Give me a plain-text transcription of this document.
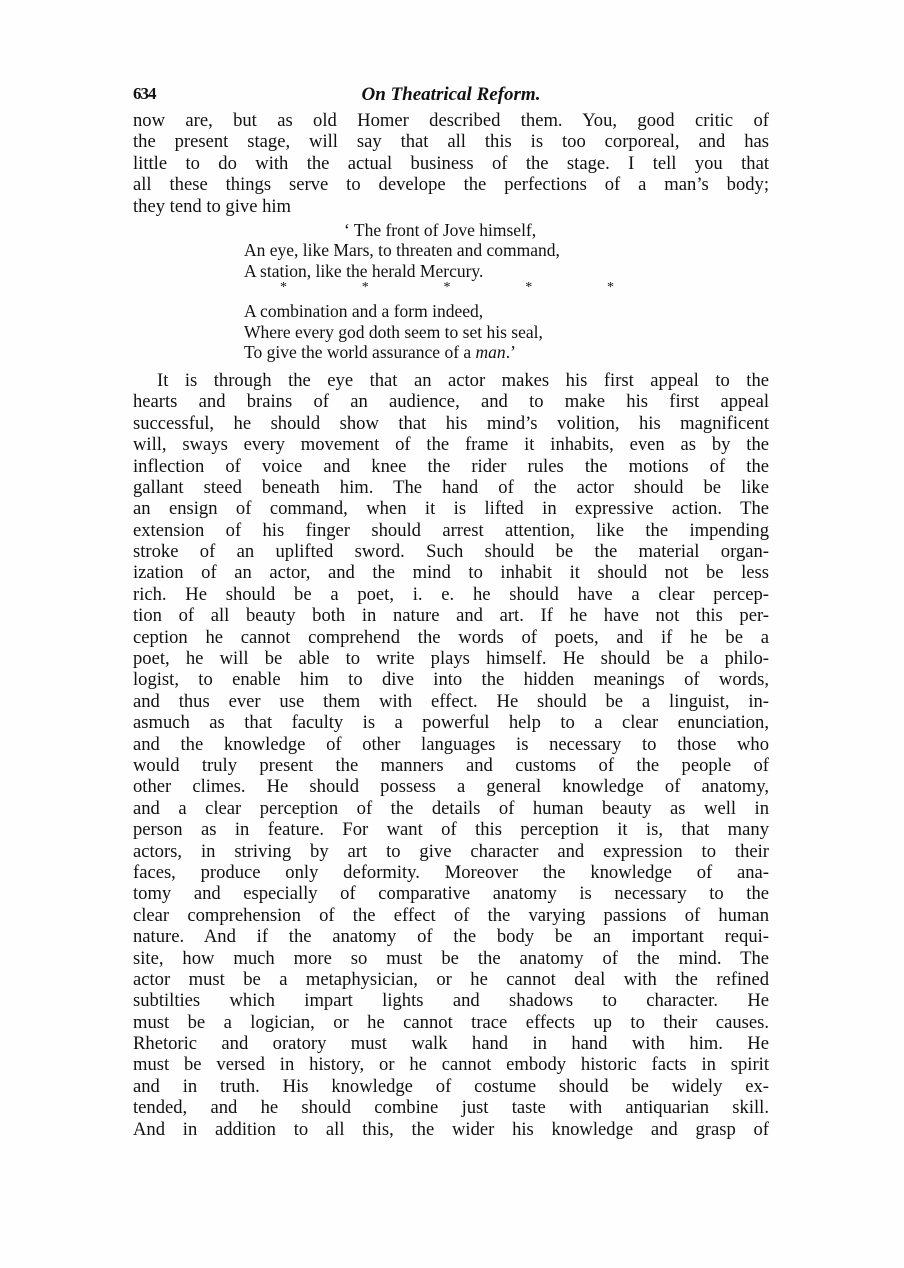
634	On Theatrical Reform.
now are, but as old Homer described them. You, good critic of
the present stage, will say that all this is too corporeal, and has
little to do with the actual business of the stage. I tell you that
all these things serve to develope the perfections of a man’s body;
they tend to give him
‘ The front of Jove himself,
An eye, like Mars, to threaten and command,
A station, like the herald Mercury.
*	*	*	*	*
A combination and a form indeed,
Where every god doth seem to set his seal,
To give the world assurance of a man.’
It is through the eye that an actor makes his first appeal to the
hearts and brains of an audience, and to make his first appeal
successful, he should show that his mind’s volition, his magnificent
will, sways every movement of the frame it inhabits, even as by the
inflection of voice and knee the rider rules the motions of the
gallant steed beneath him. The hand of the actor should be like
an ensign of command, when it is lifted in expressive action. The
extension of his finger should arrest attention, like the impending
stroke of an uplifted sword. Such should be the material organ-
ization of an actor, and the mind to inhabit it should not be less
rich. He should be a poet, i. e. he should have a clear percep-
tion of all beauty both in nature and art. If he have not this per-
ception he cannot comprehend the words of poets, and if he be a
poet, he will be able to write plays himself. He should be a philo-
logist, to enable him to dive into the hidden meanings of words,
and thus ever use them with effect. He should be a linguist, in-
asmuch as that faculty is a powerful help to a clear enunciation,
and the knowledge of other languages is necessary to those who
would truly present the manners and customs of the people of
other climes. He should possess a general knowledge of anatomy,
and a clear perception of the details of human beauty as well in
person as in feature. For want of this perception it is, that many
actors, in striving by art to give character and expression to their
faces, produce only deformity. Moreover the knowledge of ana-
tomy and especially of comparative anatomy is necessary to the
clear comprehension of the effect of the varying passions of human
nature. And if the anatomy of the body be an important requi-
site, how much more so must be the anatomy of the mind. The
actor must be a metaphysician, or he cannot deal with the refined
subtilties which impart lights and shadows to character. He
must be a logician, or he cannot trace effects up to their causes.
Rhetoric and oratory must walk hand in hand with him. He
must be versed in history, or he cannot embody historic facts in spirit
and in truth. His knowledge of costume should be widely ex-
tended, and he should combine just taste with antiquarian skill.
And in addition to all this, the wider his knowledge and grasp of
